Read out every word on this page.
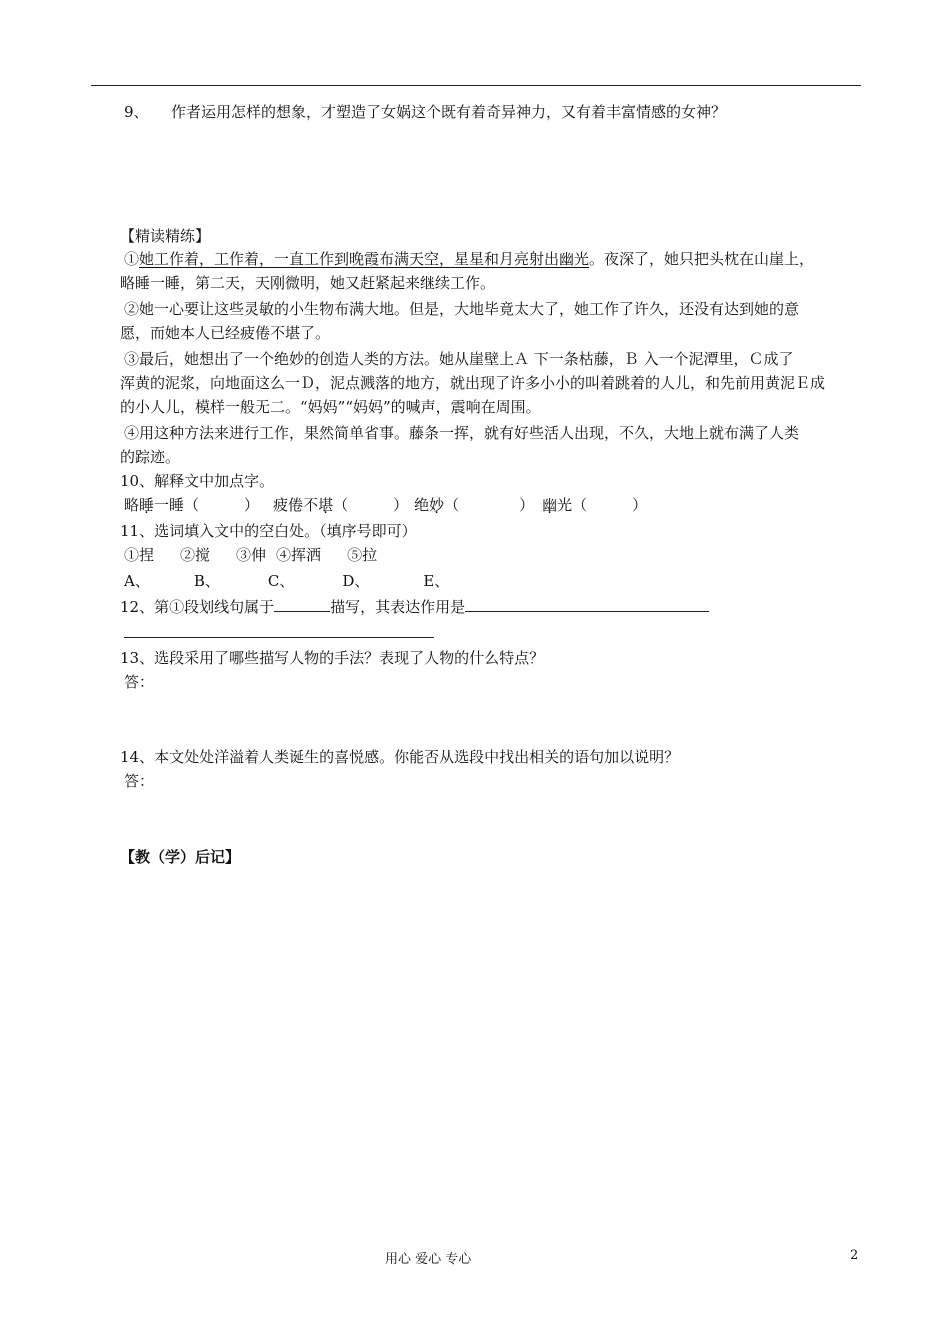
9、　　作者运用怎样的想象，才塑造了女娲这个既有着奇异神力，又有着丰富情感的女神？
【精读精练】
①她工作着，工作着，一直工作到晚霞布满天空，星星和月亮射出幽光。夜深了，她只把头枕在山崖上，
略睡一睡，第二天，天刚微明，她又赶紧起来继续工作。
②她一心要让这些灵敏的小生物布满大地。但是，大地毕竟太大了，她工作了许久，还没有达到她的意
愿，而她本人已经疲倦不堪了。
③最后，她想出了一个绝妙的创造人类的方法。她从崖壁上Ａ 下一条枯藤，Ｂ 入一个泥潭里，Ｃ成了
浑黄的泥浆，向地面这么一Ｄ，泥点溅落的地方，就出现了许多小小的叫着跳着的人儿，和先前用黄泥Ｅ成
的小人儿，模样一般无二。“妈妈”“妈妈”的喊声，震响在周围。
④用这种方法来进行工作，果然简单省事。藤条一挥，就有好些活人出现，不久，大地上就布满了人类
的踪迹。
10、解释文中加点字。
略睡一睡（　　　） 疲倦不堪（　　　） 绝妙（　　　　） 幽光（　　　）
11、选词填入文中的空白处。（填序号即可）
①捏 ②搅 ③伸 ④挥洒 ⑤拉
A、	B、	C、	D、	E、
12、第①段划线句属于	描写，其表达作用是
13、选段采用了哪些描写人物的手法？表现了人物的什么特点？
答：
14、本文处处洋溢着人类诞生的喜悦感。你能否从选段中找出相关的语句加以说明？
答：
【教（学）后记】
用心 爱心 专心	2
